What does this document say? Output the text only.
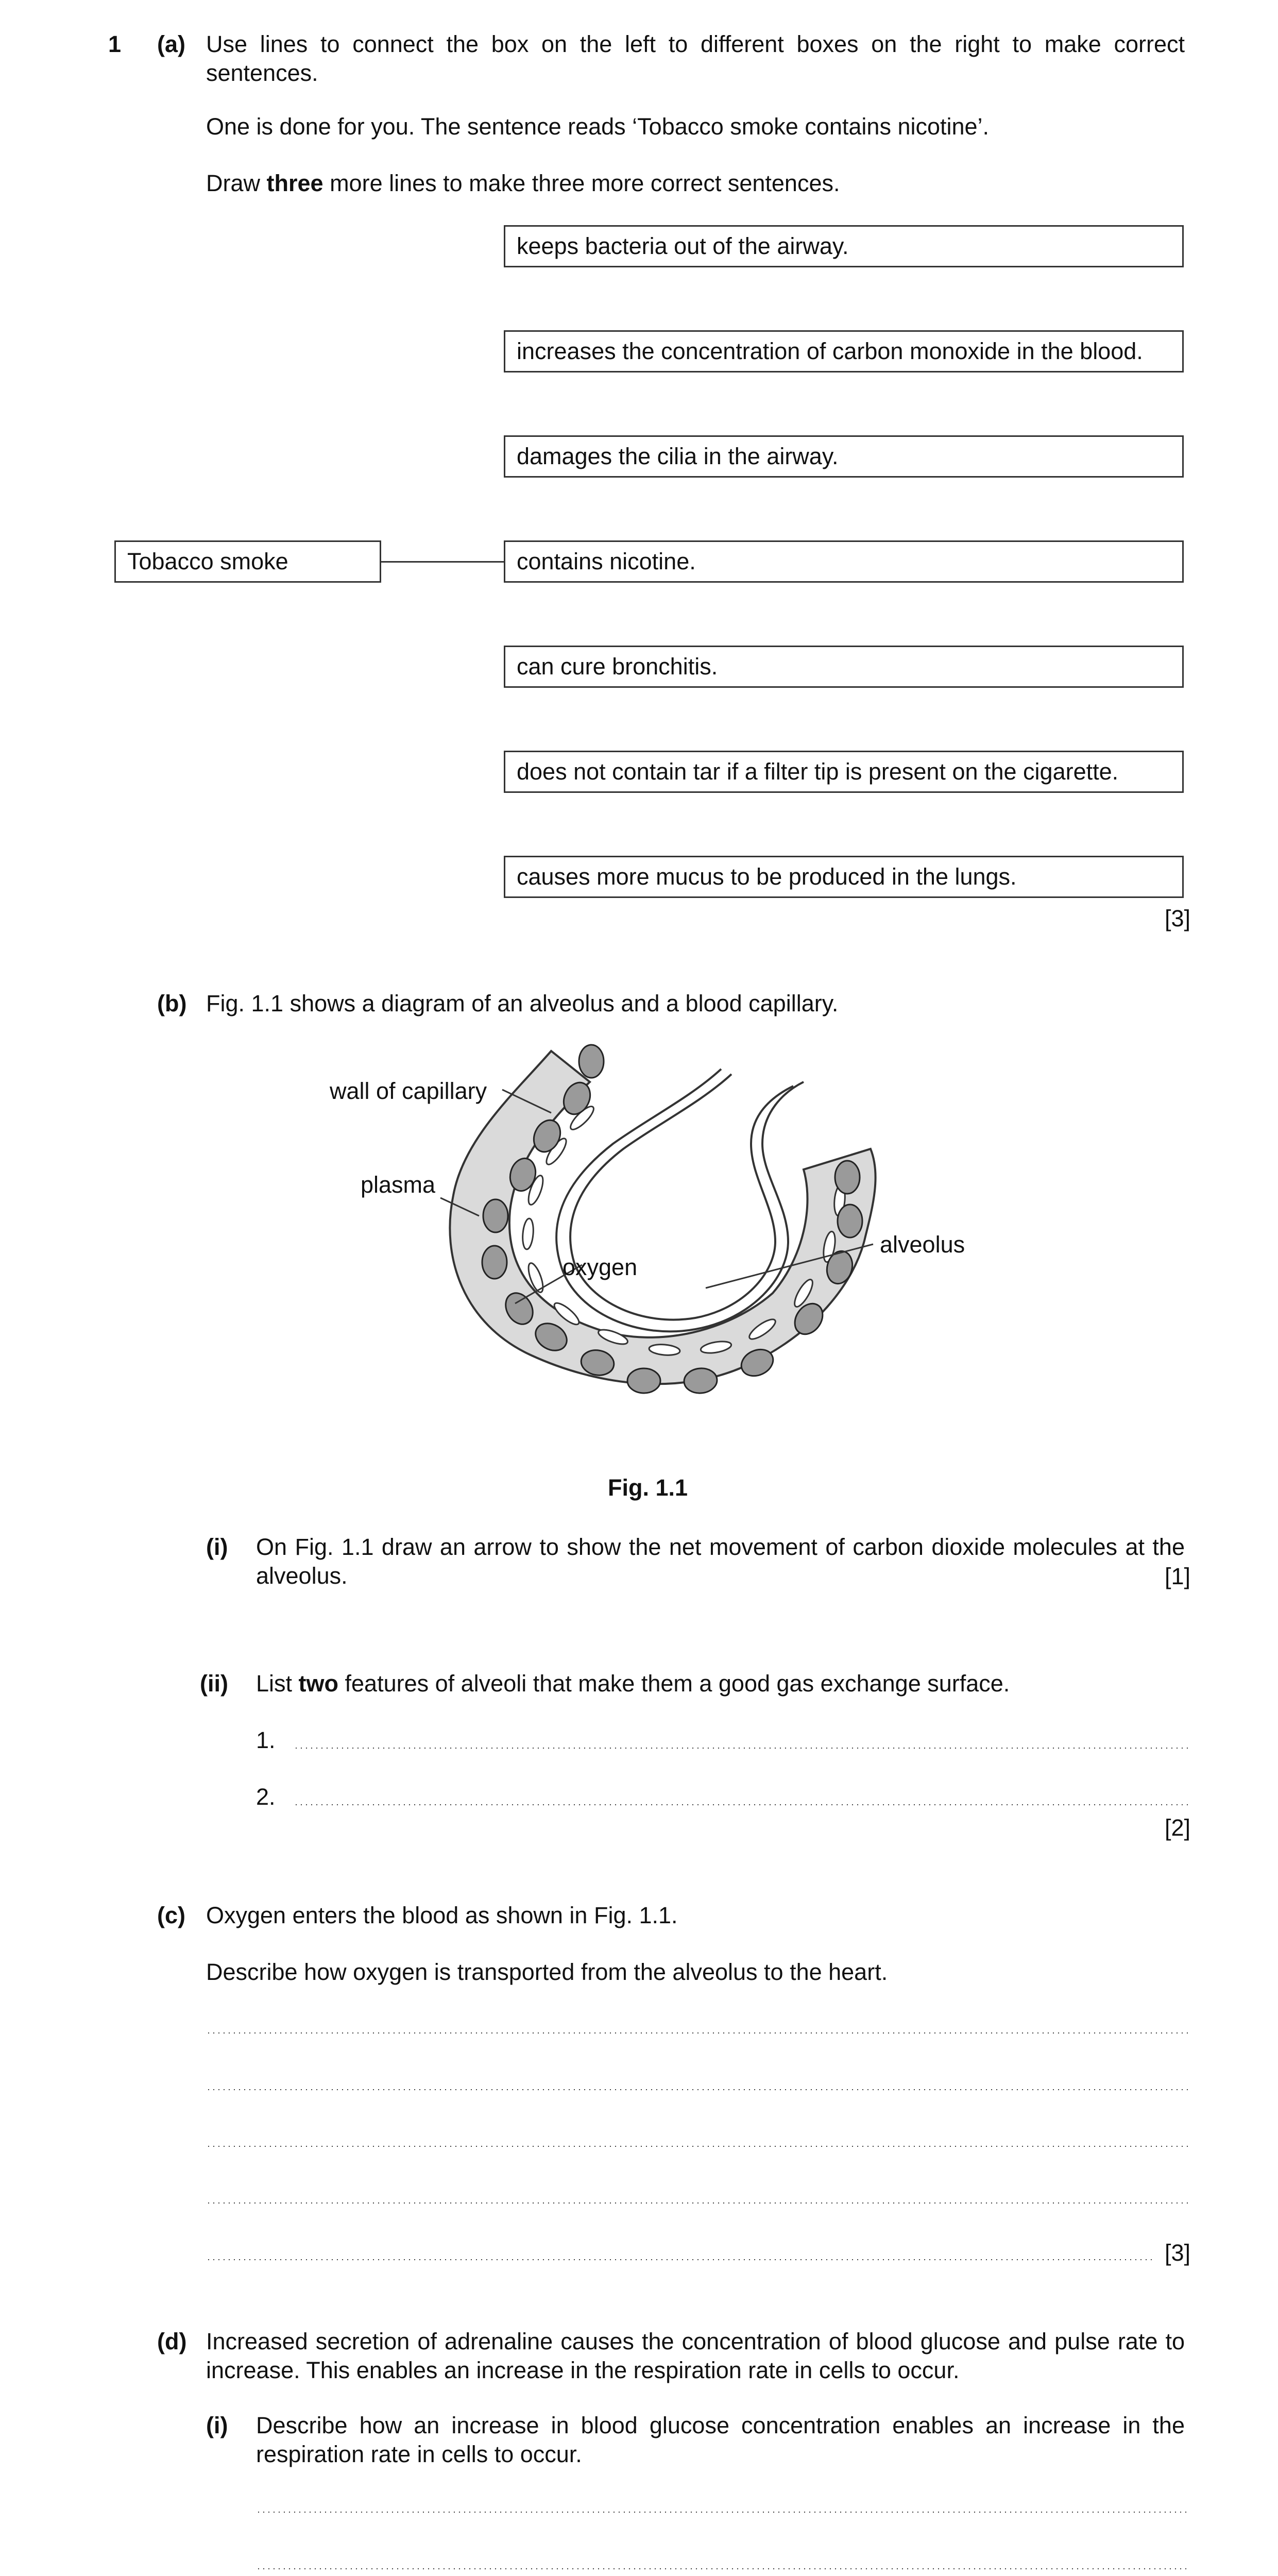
1 (a) Use lines to connect the box on the left to different boxes on the right to make correct sentences.
One is done for you. The sentence reads ‘Tobacco smoke contains nicotine’.
Draw three more lines to make three more correct sentences.
keeps bacteria out of the airway.
increases the concentration of carbon monoxide in the blood.
damages the cilia in the airway.
contains nicotine.
can cure bronchitis.
does not contain tar if a filter tip is present on the cigarette.
causes more mucus to be produced in the lungs.
Tobacco smoke
[3]
(b) Fig. 1.1 shows a diagram of an alveolus and a blood capillary.
wall of capillary
plasma
oxygen
alveolus
Fig. 1.1
(i) On Fig. 1.1 draw an arrow to show the net movement of carbon dioxide molecules at the alveolus.	[1]
(ii) List two features of alveoli that make them a good gas exchange surface.
1.
2.
[2]
(c) Oxygen enters the blood as shown in Fig. 1.1.
Describe how oxygen is transported from the alveolus to the heart.
[3]
(d) Increased secretion of adrenaline causes the concentration of blood glucose and pulse rate to increase. This enables an increase in the respiration rate in cells to occur.
(i) Describe how an increase in blood glucose concentration enables an increase in the respiration rate in cells to occur.
